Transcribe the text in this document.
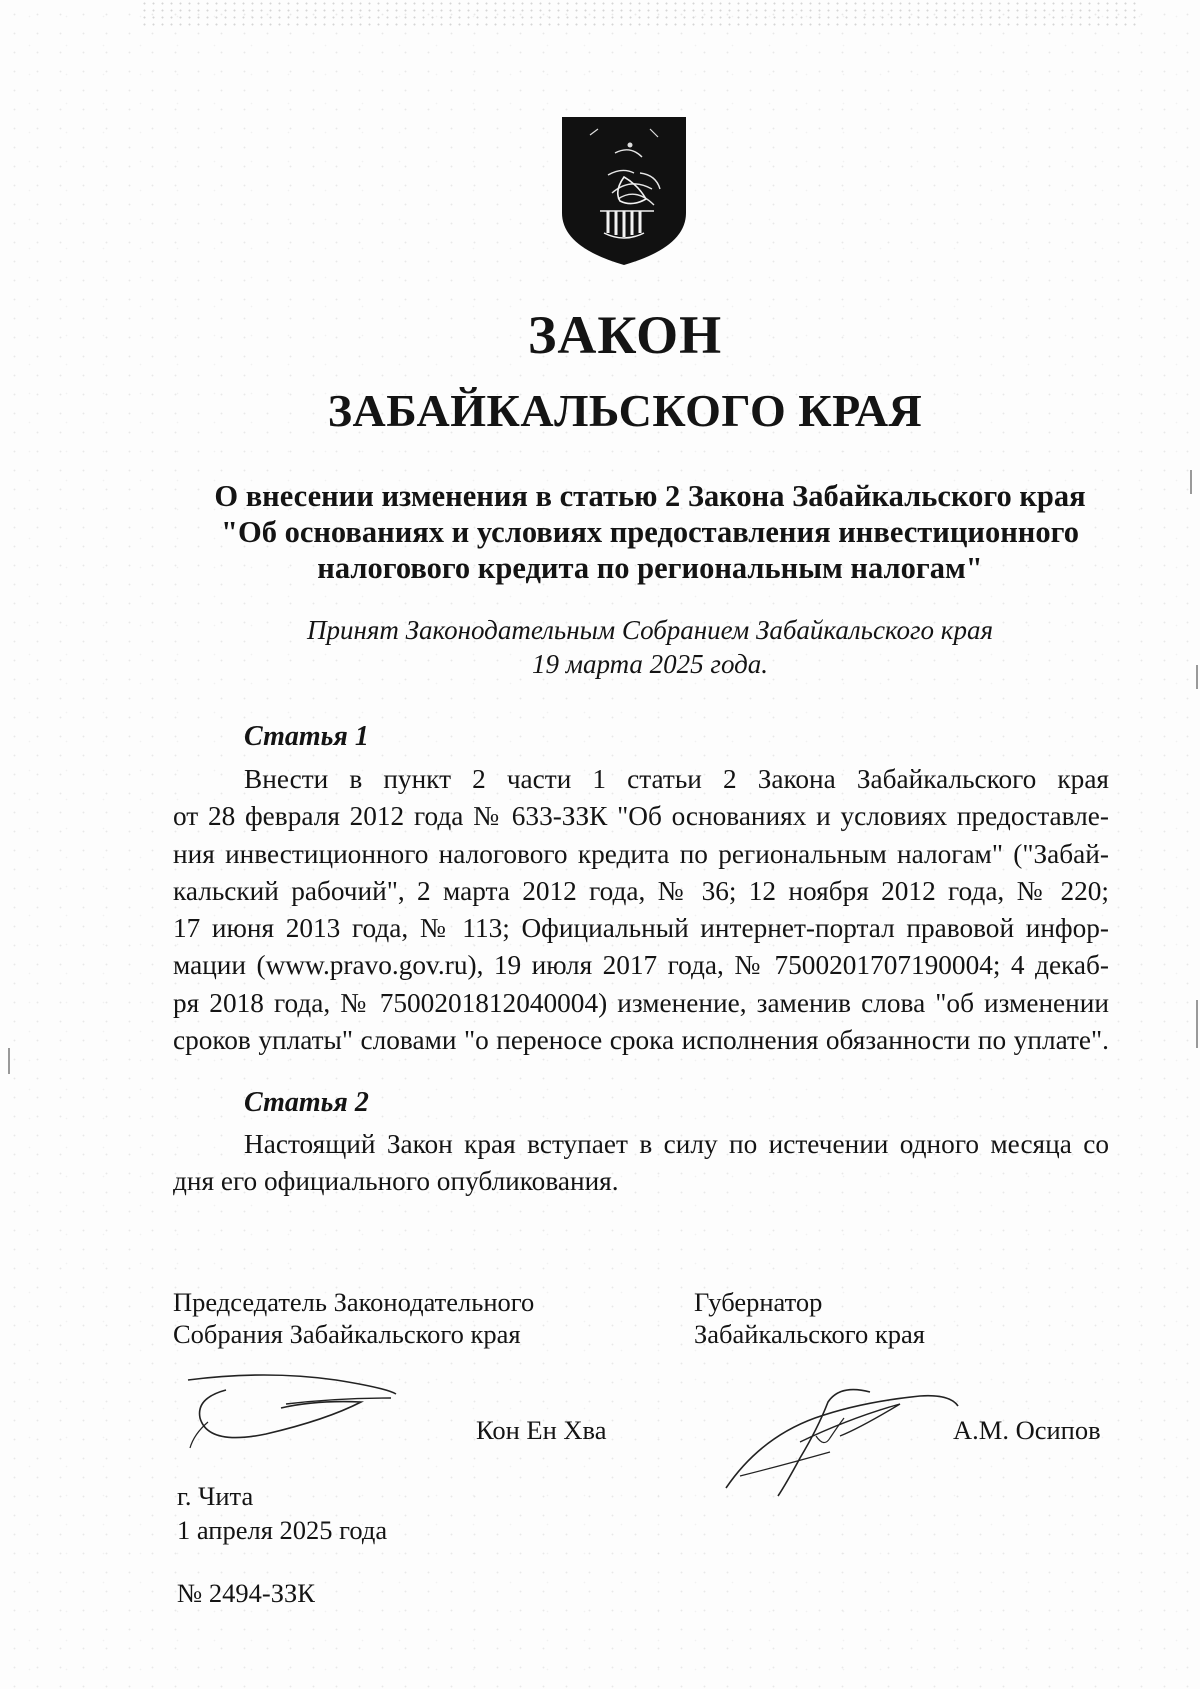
ЗАКОН
ЗАБАЙКАЛЬСКОГО КРАЯ
О внесении изменения в статью 2 Закона Забайкальского края
"Об основаниях и условиях предоставления инвестиционного
налогового кредита по региональным налогам"
Принят Законодательным Собранием Забайкальского края
19 марта 2025 года.
Статья 1
Внести в пункт 2 части 1 статьи 2 Закона Забайкальского края
от 28 февраля 2012 года № 633-ЗЗК "Об основаниях и условиях предоставле-
ния инвестиционного налогового кредита по региональным налогам" ("Забай-
кальский рабочий", 2 марта 2012 года, № 36; 12 ноября 2012 года, № 220;
17 июня 2013 года, № 113; Официальный интернет-портал правовой инфор-
мации (www.pravo.gov.ru), 19 июля 2017 года, № 7500201707190004; 4 декаб-
ря 2018 года, № 7500201812040004) изменение, заменив слова "об изменении
сроков уплаты" словами "о переносе срока исполнения обязанности по уплате".
Статья 2
Настоящий Закон края вступает в силу по истечении одного месяца со
дня его официального опубликования.
Председатель Законодательного
Собрания Забайкальского края
Губернатор
Забайкальского края
Кон Ен Хва	А.М. Осипов
г. Чита
1 апреля 2025 года
№ 2494-ЗЗК
